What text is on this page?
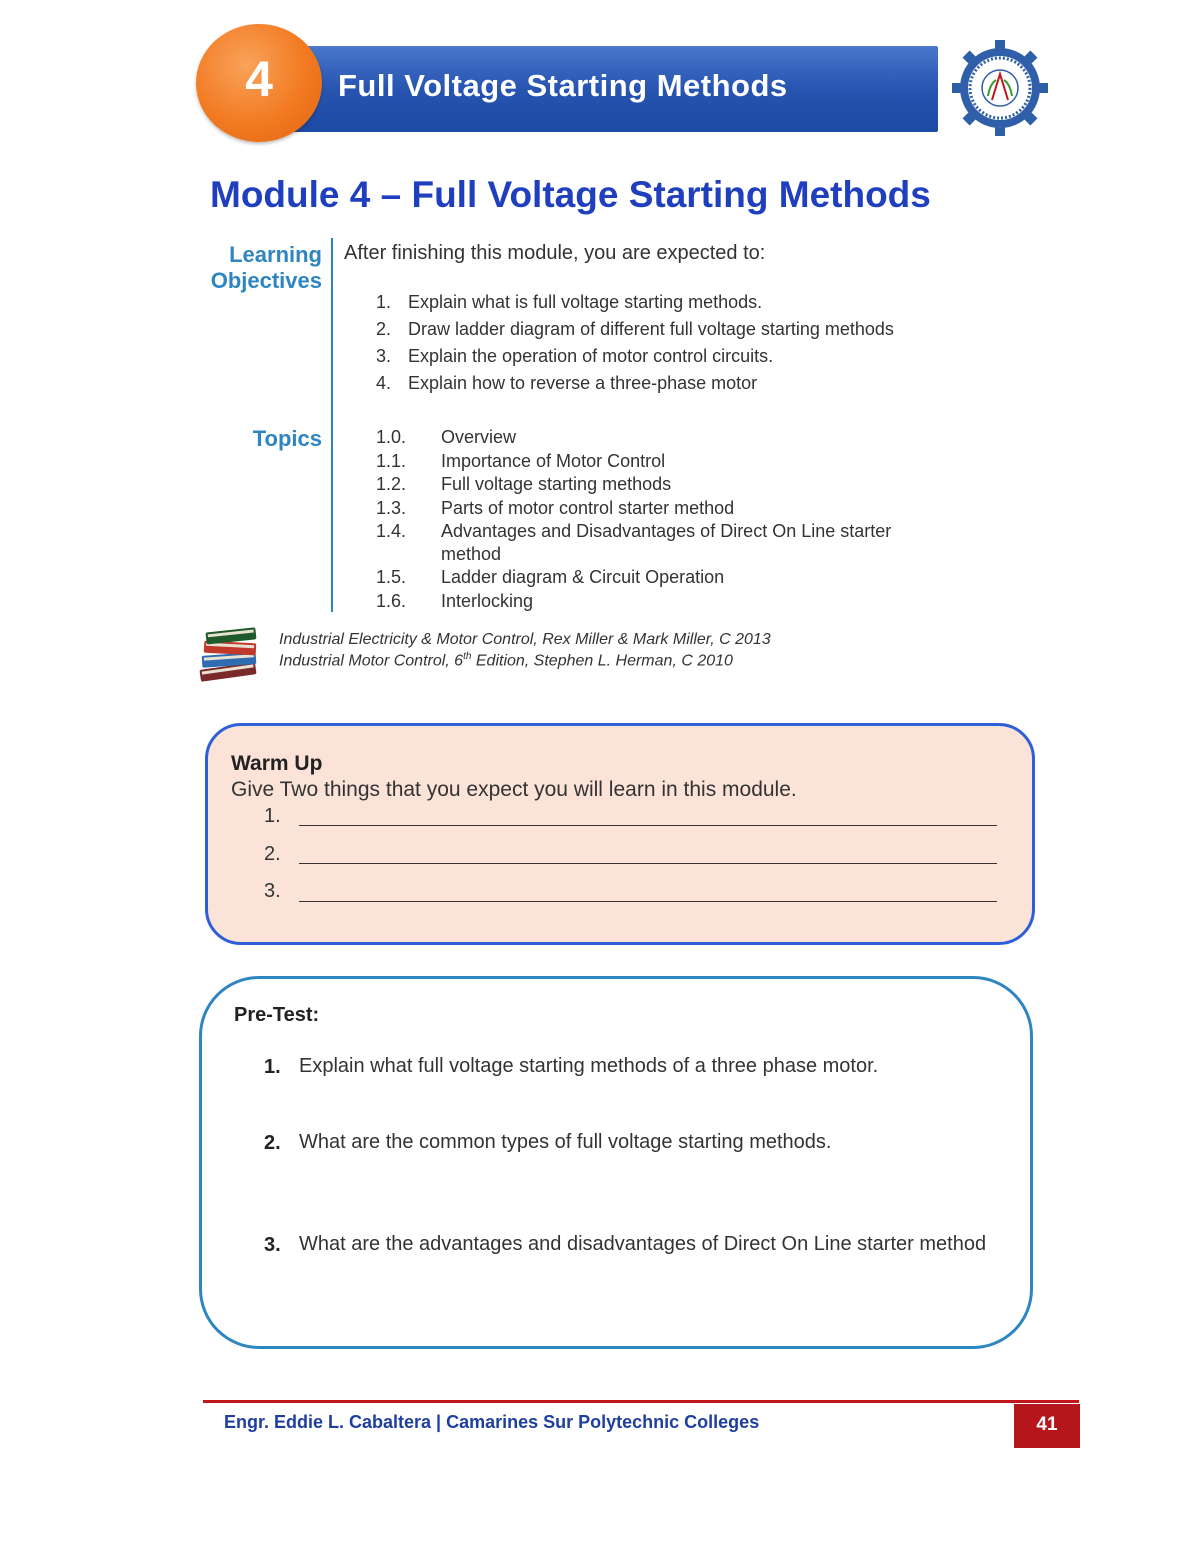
Full Voltage Starting Methods
4
Module 4 – Full Voltage Starting Methods
Learning
Objectives
Topics
After finishing this module, you are expected to:
1. Explain what is full voltage starting methods.
2. Draw ladder diagram of different full voltage starting methods
3. Explain the operation of motor control circuits.
4. Explain how to reverse a three-phase motor
1.0. Overview
1.1. Importance of Motor Control
1.2. Full voltage starting methods
1.3. Parts of motor control starter method
1.4. Advantages and Disadvantages of Direct On Line starter
method
1.5. Ladder diagram & Circuit Operation
1.6. Interlocking
Industrial Electricity & Motor Control, Rex Miller & Mark Miller, C 2013
Industrial Motor Control, 6th Edition, Stephen L. Herman, C 2010
Warm Up
Give Two things that you expect you will learn in this module.
1.
2.
3.
Pre-Test:
1. Explain what full voltage starting methods of a three phase motor.
2. What are the common types of full voltage starting methods.
3. What are the advantages and disadvantages of Direct On Line starter method
Engr. Eddie L. Cabaltera | Camarines Sur Polytechnic Colleges	41
